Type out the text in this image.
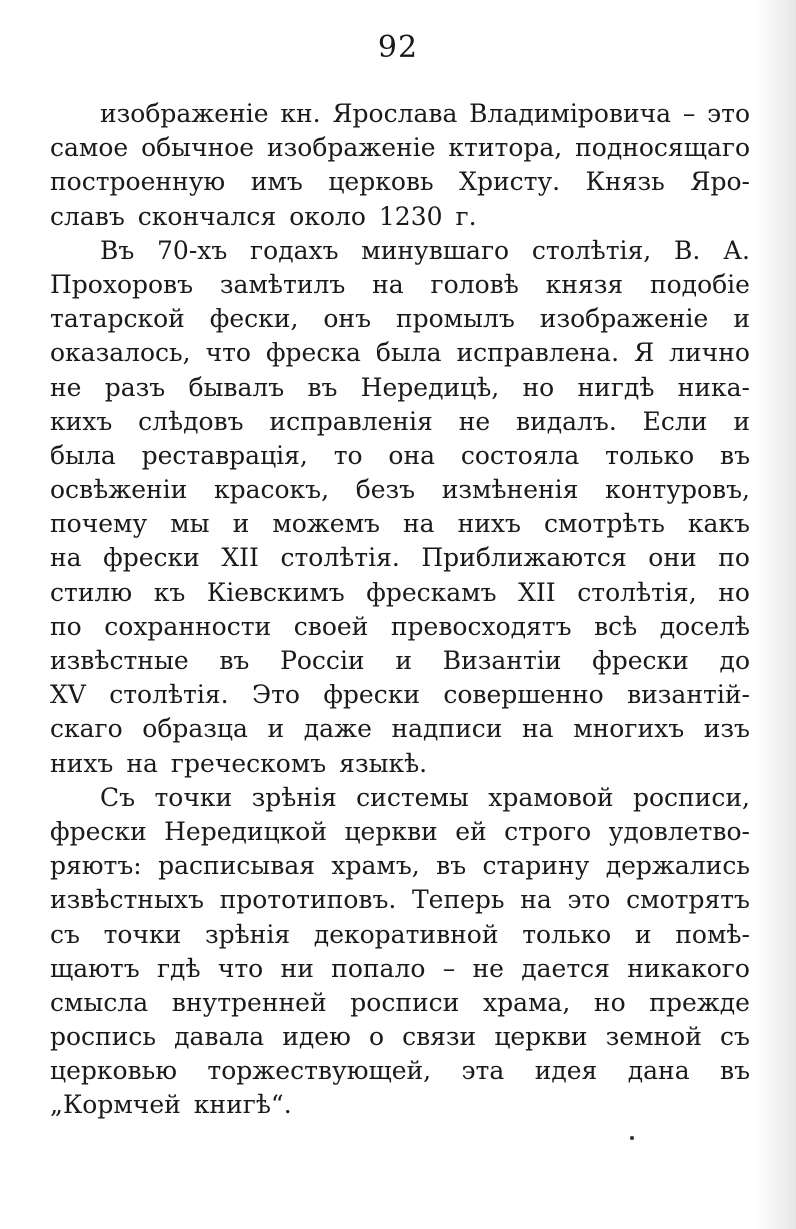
92
изображенiе кн. Ярослава Владимiровича – это
самое обычное изображенiе ктитора, подносящаго
построенную имъ церковь Христу. Князь Яро-
славъ скончался около 1230 г.
Въ 70-хъ годахъ минувшаго столѣтiя, В. А.
Прохоровъ замѣтилъ на головѣ князя подобiе
татарской фески, онъ промылъ изображенiе и
оказалось, что фреска была исправлена. Я лично
не разъ бывалъ въ Нередицѣ, но нигдѣ никa-
кихъ слѣдовъ исправленiя не видалъ. Если и
была реставрацiя, то она состояла только въ
освѣженiи красокъ, безъ измѣненiя контуровъ,
почему мы и можемъ на нихъ смотрѣть какъ
на фрески XII столѣтiя. Приближаются они по
стилю къ Кiевскимъ фрескамъ XII столѣтiя, но
по сохранности своей превосходятъ всѣ доселѣ
извѣстные въ Россiи и Византiи фрески до
XV столѣтiя. Это фрески совершенно византiй-
скаго образца и даже надписи на многихъ изъ
нихъ на греческомъ языкѣ.
Съ точки зрѣнiя системы храмовой росписи,
фрески Нередицкой церкви ей строго удовлетво-
ряютъ: расписывая храмъ, въ старину держались
извѣстныхъ прототиповъ. Теперь на это смотрятъ
съ точки зрѣнiя декоративной только и помѣ-
щаютъ гдѣ что ни попало – не дается никакого
смысла внутренней росписи храма, но прежде
роспись давала идею о связи церкви земной съ
церковью торжествующей, эта идея дана въ
„Кормчей книгѣ“.
